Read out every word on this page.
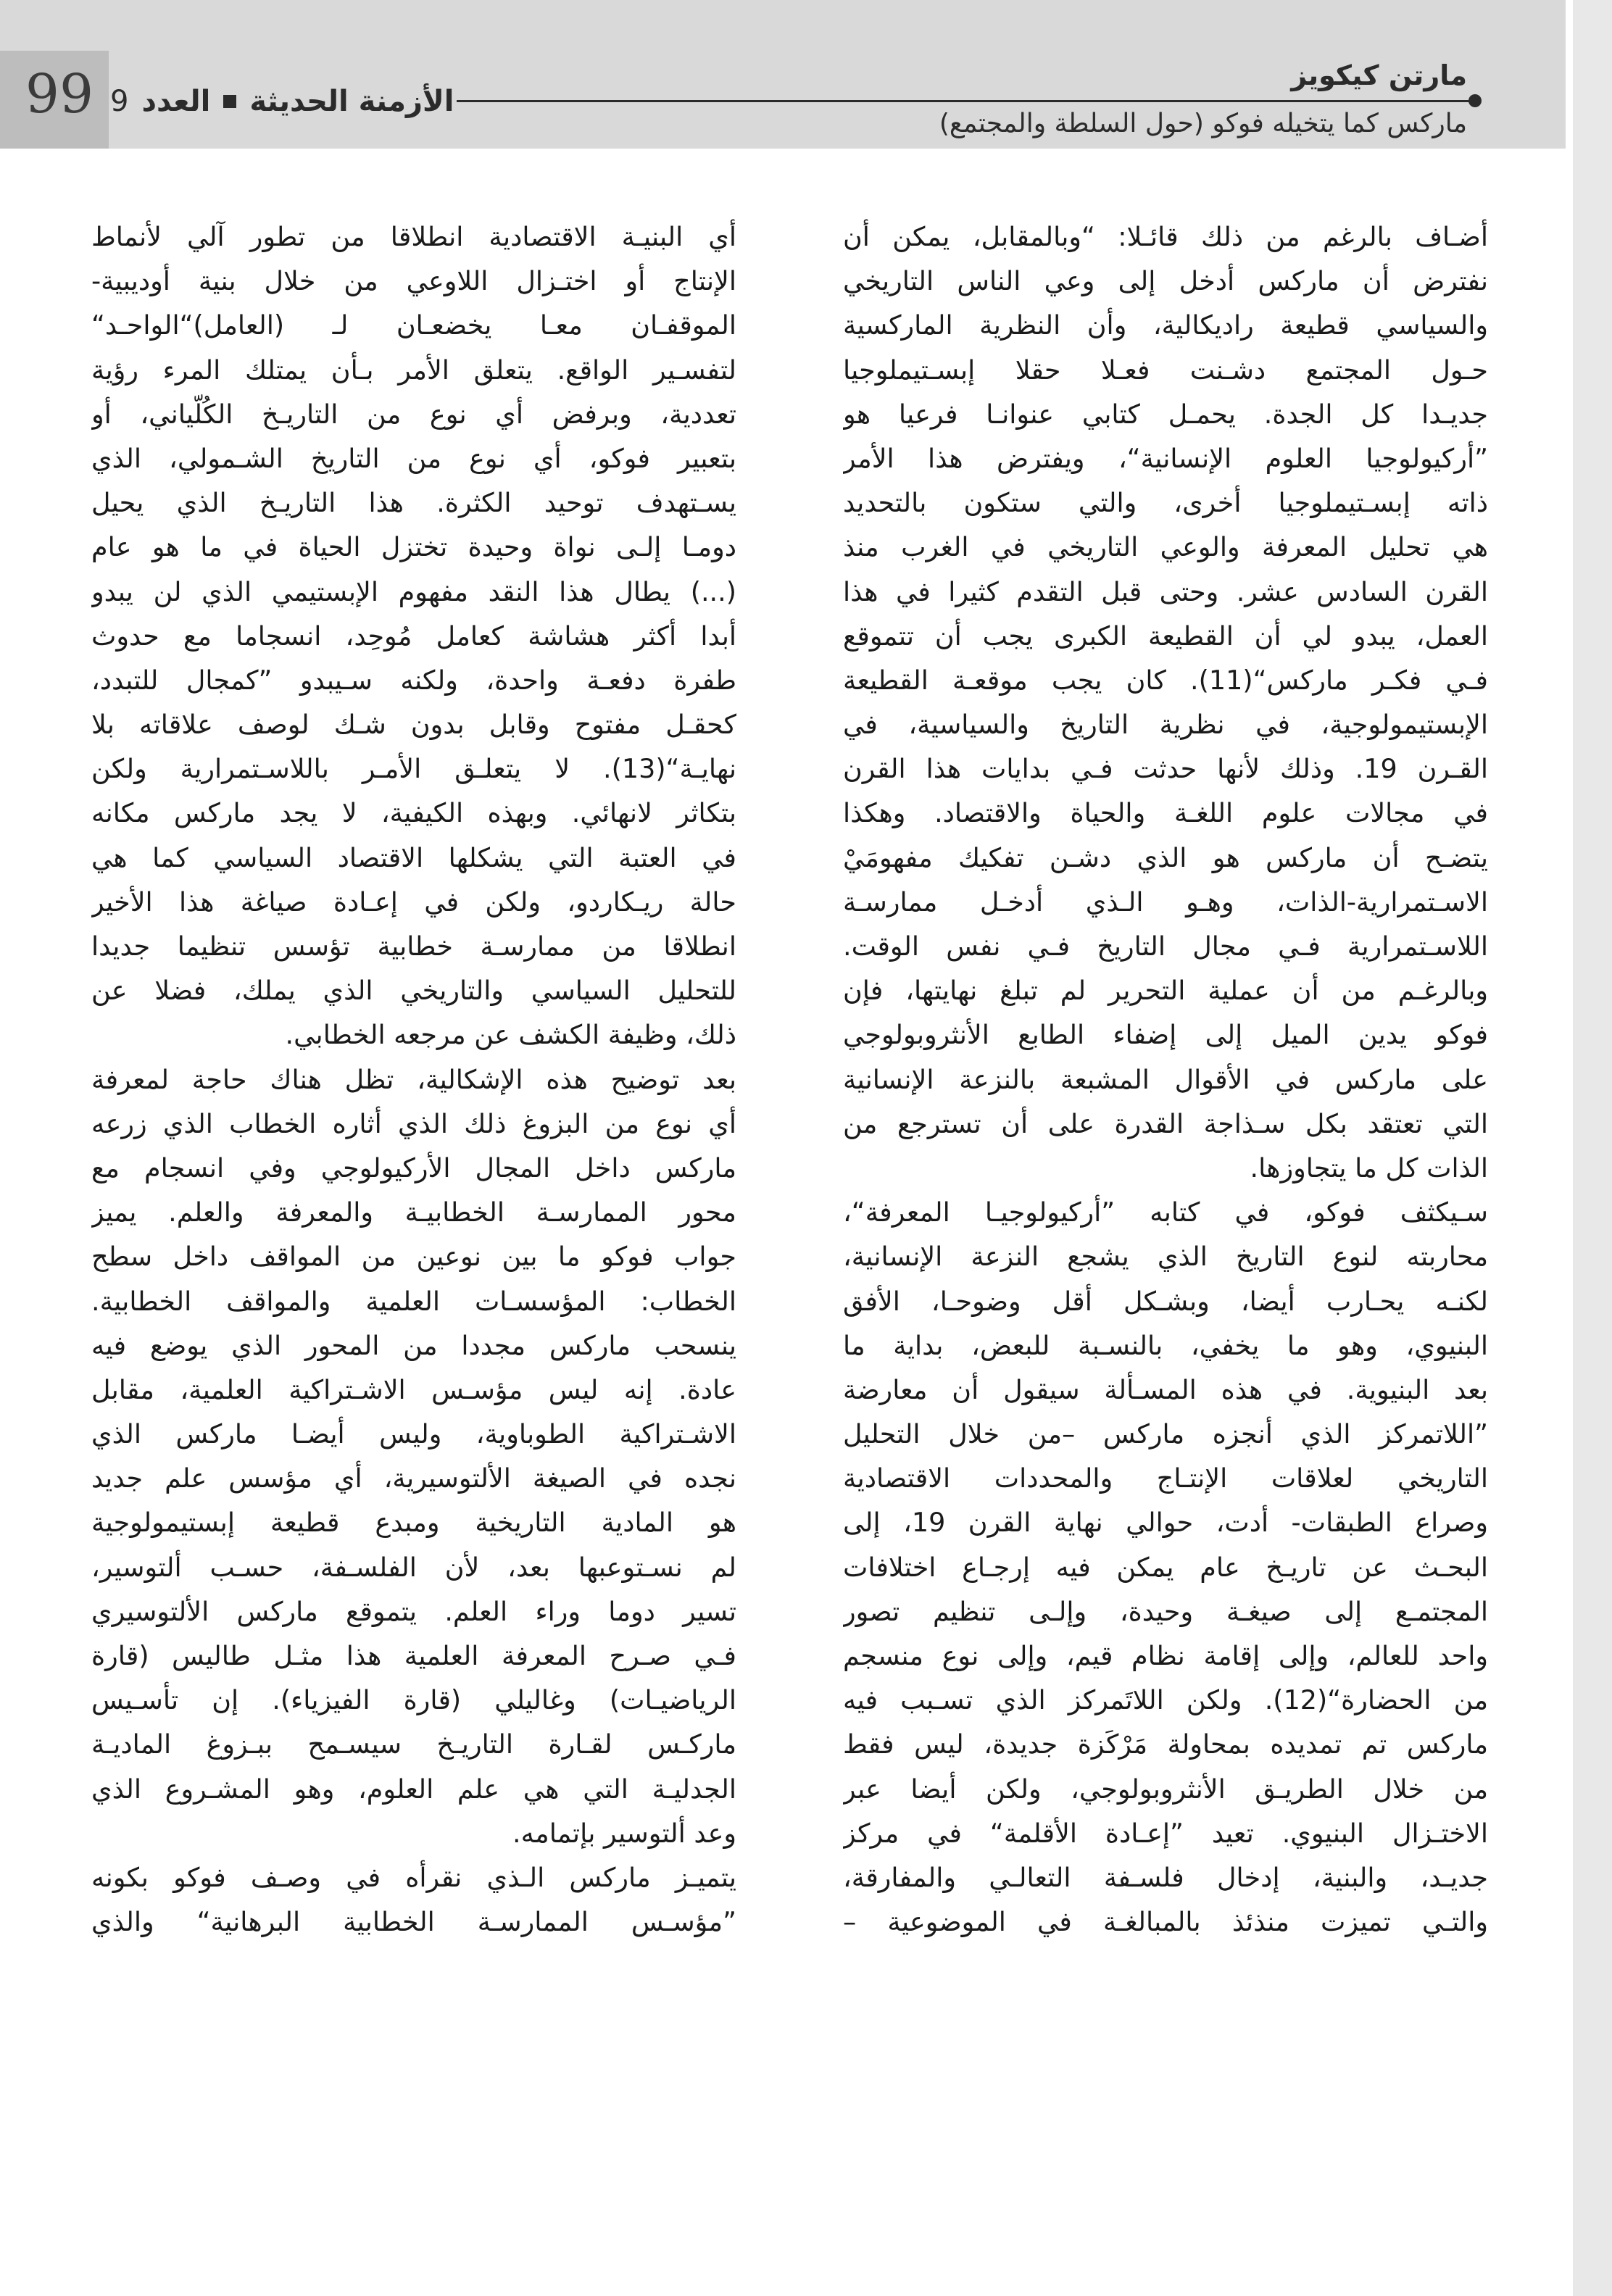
99 9 العدد الأزمنة الحديثة
مارتن كيكويز
ماركس كما يتخيله فوكو (حول السلطة والمجتمع)
أضـاف بالرغم من ذلك قائـلا: “وبالمقابل، يمكن أن
نفترض أن ماركس أدخل إلى وعي الناس التاريخي
والسياسي قطيعة راديكالية، وأن النظرية الماركسية
حـول المجتمع دشـنت فعـلا حقلا إبسـتيملوجيا
جديـدا كل الجدة. يحمـل كتابي عنوانـا فرعيا هو
”أركيولوجيا العلوم الإنسانية“، ويفترض هذا الأمر
ذاته إبسـتيملوجيا أخرى، والتي ستكون بالتحديد
هي تحليل المعرفة والوعي التاريخي في الغرب منذ
القرن السادس عشر. وحتى قبل التقدم كثيرا في هذا
العمل، يبدو لي أن القطيعة الكبرى يجب أن تتموقع
فـي فكـر ماركس“(11). كان يجب موقعـة القطيعة
الإبستيمولوجية، في نظرية التاريخ والسياسية، في
القـرن 19. وذلك لأنها حدثت فـي بدايات هذا القرن
في مجالات علوم اللغـة والحياة والاقتصاد. وهكذا
يتضـح أن ماركس هو الذي دشـن تفكيك مفهومَيْ
الاسـتمرارية-الذات، وهـو الـذي أدخـل ممارسـة
اللاسـتمرارية فـي مجال التاريخ فـي نفس الوقت.
وبالرغـم من أن عملية التحرير لم تبلغ نهايتها، فإن
فوكو يدين الميل إلى إضفاء الطابع الأنثروبولوجي
على ماركس في الأقوال المشبعة بالنزعة الإنسانية
التي تعتقد بكل سـذاجة القدرة على أن تسترجع من
الذات كل ما يتجاوزها.
سـيكثف فوكو، في كتابه ”أركيولوجيـا المعرفة“،
محاربته لنوع التاريخ الذي يشجع النزعة الإنسانية،
لكنـه يحـارب أيضا، وبشـكل أقل وضوحـا، الأفق
البنيوي، وهو ما يخفي، بالنسـبة للبعض، بداية ما
بعد البنيوية. في هذه المسـألة سيقول أن معارضة
”اللاتمركز الذي أنجزه ماركس –من خلال التحليل
التاريخي لعلاقات الإنتـاج والمحددات الاقتصادية
وصراع الطبقات- أدت، حوالي نهاية القرن 19، إلى
البحـث عن تاريـخ عام يمكن فيه إرجـاع اختلافات
المجتمـع إلى صيغـة وحيدة، وإلـى تنظيم تصور
واحد للعالم، وإلى إقامة نظام قيم، وإلى نوع منسجم
من الحضارة“(12). ولكن اللاتَمركز الذي تسـبب فيه
ماركس تم تمديده بمحاولة مَرْكَزة جديدة، ليس فقط
من خلال الطريـق الأنثروبولوجي، ولكن أيضا عبر
الاختـزال البنيوي. تعيد ”إعـادة الأقلمة“ في مركز
جديـد، والبنية، إدخال فلسـفة التعالـي والمفارقة،
والتـي تميزت منذئذ بالمبالغـة في الموضوعية –
أي البنيـة الاقتصادية انطلاقا من تطور آلي لأنماط
الإنتاج أو اختـزال اللاوعي من خلال بنية أوديبية-
الموقفـان معـا يخضعـان لـ (العامل)“الواحـد“
لتفسـير الواقع. يتعلق الأمر بـأن يمتلك المرء رؤية
تعددية، وبرفض أي نوع من التاريـخ الكُلّياني، أو
بتعبير فوكو، أي نوع من التاريخ الشـمولي، الذي
يسـتهدف توحيد الكثرة. هذا التاريـخ الذي يحيل
دومـا إلـى نواة وحيدة تختزل الحياة في ما هو عام
(...) يطال هذا النقد مفهوم الإبستيمي الذي لن يبدو
أبدا أكثر هشاشة كعامل مُوحِد، انسجاما مع حدوث
طفرة دفعـة واحدة، ولكنه سـيبدو ”كمجال للتبدد،
كحقـل مفتوح وقابل بدون شـك لوصف علاقاته بلا
نهايـة“(13). لا يتعلـق الأمـر باللاسـتمرارية ولكن
بتكاثر لانهائي. وبهذه الكيفية، لا يجد ماركس مكانه
في العتبة التي يشكلها الاقتصاد السياسي كما هي
حالة ريـكاردو، ولكن في إعـادة صياغة هذا الأخير
انطلاقا من ممارسـة خطابية تؤسس تنظيما جديدا
للتحليل السياسي والتاريخي الذي يملك، فضلا عن
ذلك، وظيفة الكشف عن مرجعه الخطابي.
بعد توضيح هذه الإشكالية، تظل هناك حاجة لمعرفة
أي نوع من البزوغ ذلك الذي أثاره الخطاب الذي زرعه
ماركس داخل المجال الأركيولوجي وفي انسجام مع
محور الممارسـة الخطابيـة والمعرفة والعلم. يميز
جواب فوكو ما بين نوعين من المواقف داخل سطح
الخطاب: المؤسسـات العلمية والمواقف الخطابية.
ينسحب ماركس مجددا من المحور الذي يوضع فيه
عادة. إنه ليس مؤسـس الاشـتراكية العلمية، مقابل
الاشـتراكية الطوباوية، وليس أيضـا ماركس الذي
نجده في الصيغة الألتوسيرية، أي مؤسس علم جديد
هو المادية التاريخية ومبدع قطيعة إبستيمولوجية
لم نسـتوعبها بعد، لأن الفلسـفة، حسـب ألتوسير،
تسير دوما وراء العلم. يتموقع ماركس الألتوسيري
فـي صـرح المعرفة العلمية هذا مثـل طاليس (قارة
الرياضيـات) وغاليلي (قارة الفيزياء). إن تأسـيس
ماركـس لقـارة التاريـخ سيسـمح ببـزوغ الماديـة
الجدليـة التي هي علم العلوم، وهو المشـروع الذي
وعد ألتوسير بإتمامه.
يتميـز ماركس الـذي نقرأه في وصـف فوكو بكونه
”مؤسـس الممارسـة الخطابية البرهانية“ والذي
